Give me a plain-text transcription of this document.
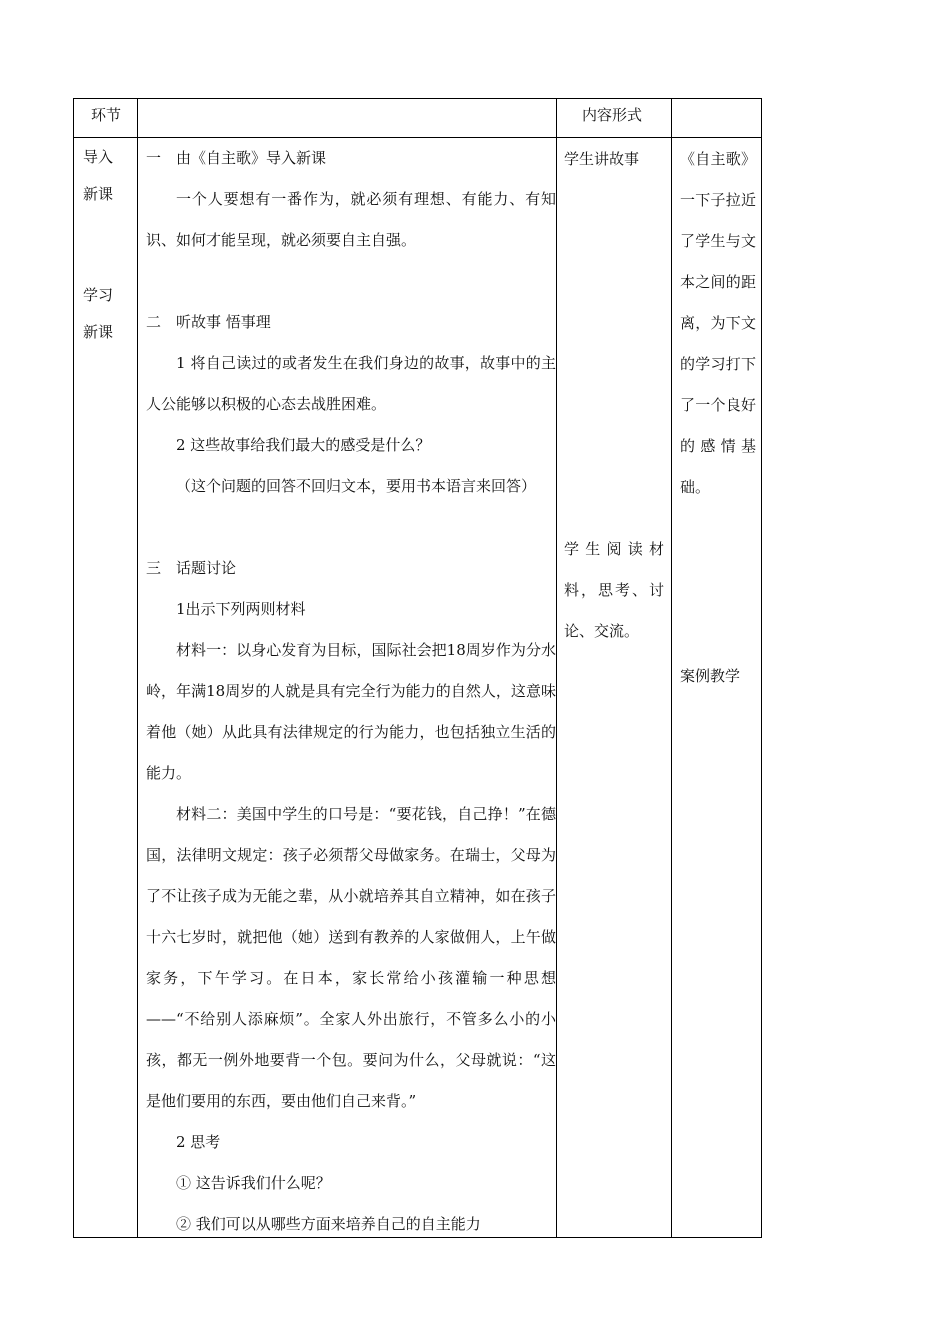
环节	内容形式
导入
新课
学习
新课

一　由《自主歌》导入新课

一个人要想有一番作为，就必须有理想、有能力、有知识、如何才能呈现，就必须要自主自强。

二　听故事 悟事理

1 将自己读过的或者发生在我们身边的故事，故事中的主人公能够以积极的心态去战胜困难。

2 这些故事给我们最大的感受是什么？

（这个问题的回答不回归文本，要用书本语言来回答）

三　话题讨论

1出示下列两则材料

材料一：以身心发育为目标，国际社会把18周岁作为分水岭，年满18周岁的人就是具有完全行为能力的自然人，这意味着他（她）从此具有法律规定的行为能力，也包括独立生活的能力。

材料二：美国中学生的口号是：“要花钱，自己挣！”在德国，法律明文规定：孩子必须帮父母做家务。在瑞士，父母为了不让孩子成为无能之辈，从小就培养其自立精神，如在孩子十六七岁时，就把他（她）送到有教养的人家做佣人，上午做家务，下午学习。在日本，家长常给小孩灌输一种思想——“不给别人添麻烦”。全家人外出旅行，不管多么小的小孩，都无一例外地要背一个包。要问为什么，父母就说：“这是他们要用的东西，要由他们自己来背。”

2 思考

① 这告诉我们什么呢？

② 我们可以从哪些方面来培养自己的自主能力

学生讲故事
学生阅读材料，思考、讨论、交流。
《自主歌》一下子拉近了学生与文本之间的距离，为下文的学习打下了一个良好的感情基础。
案例教学
